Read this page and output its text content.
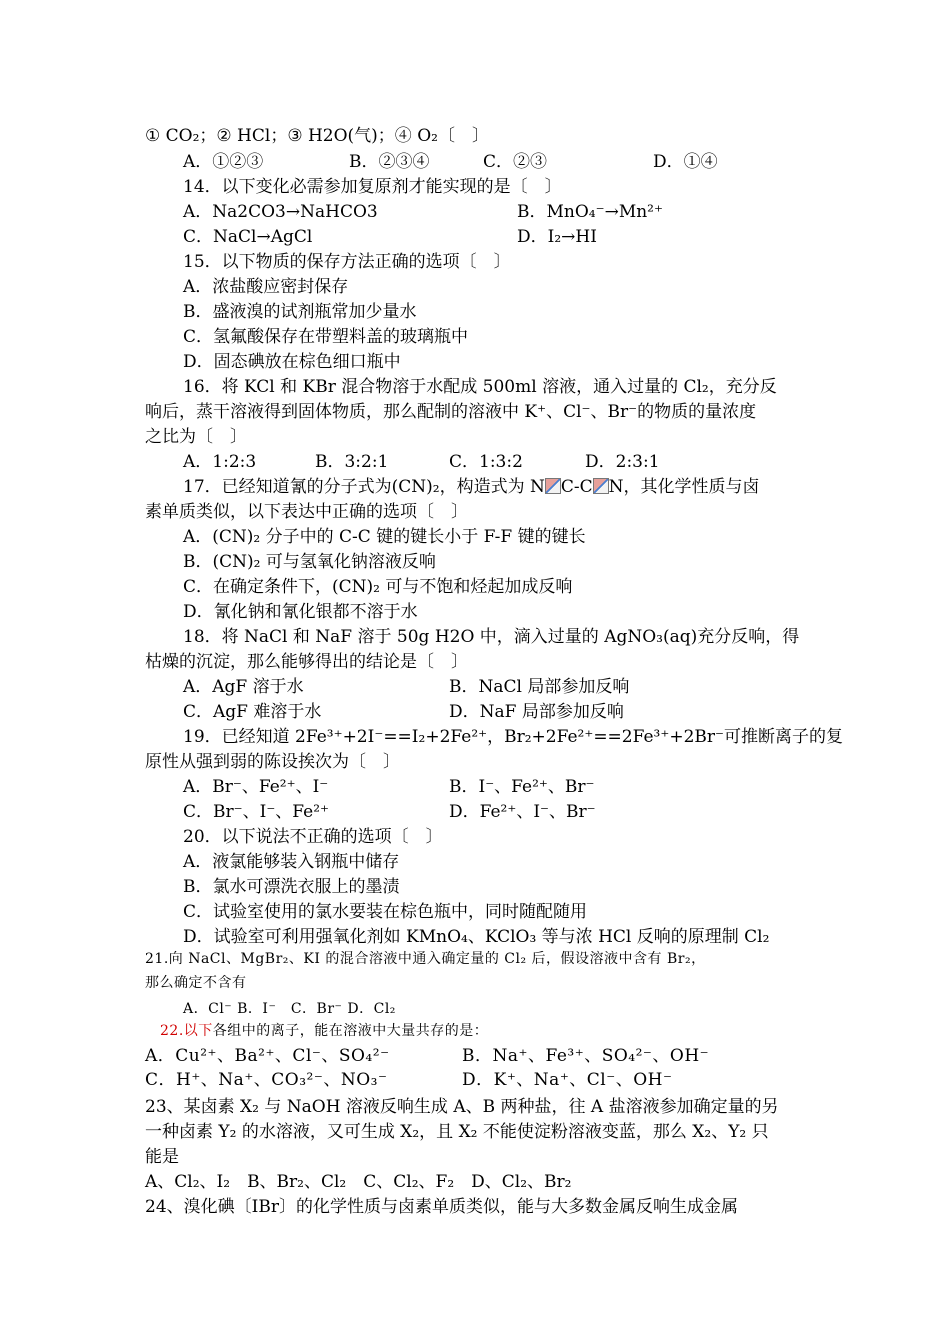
① CO₂；② HCl；③ H2O(气)；④ O₂〔　〕
A．①②③	B．②③④	C．②③	D．①④
14．以下变化必需参加复原剂才能实现的是〔　〕
A．Na2CO3→NaHCO3	B．MnO₄⁻→Mn²⁺
C．NaCl→AgCl	D．I₂→HI
15．以下物质的保存方法正确的选项〔　〕
A．浓盐酸应密封保存
B．盛液溴的试剂瓶常加少量水
C．氢氟酸保存在带塑料盖的玻璃瓶中
D．固态碘放在棕色细口瓶中
16．将 KCl 和 KBr 混合物溶于水配成 500ml 溶液，通入过量的 Cl₂，充分反
响后，蒸干溶液得到固体物质，那么配制的溶液中 K⁺、Cl⁻、Br⁻的物质的量浓度
之比为〔　〕
A．1:2:3	B．3:2:1	C．1:3:2	D．2:3:1
17．已经知道氰的分子式为(CN)₂，构造式为 N C-C N，其化学性质与卤
素单质类似，以下表达中正确的选项〔　〕
A．(CN)₂ 分子中的 C-C 键的键长小于 F-F 键的键长
B．(CN)₂ 可与氢氧化钠溶液反响
C．在确定条件下，(CN)₂ 可与不饱和烃起加成反响
D．氰化钠和氰化银都不溶于水
18．将 NaCl 和 NaF 溶于 50g H2O 中，滴入过量的 AgNO₃(aq)充分反响，得
枯燥的沉淀，那么能够得出的结论是〔　〕
A．AgF 溶于水	B．NaCl 局部参加反响
C．AgF 难溶于水	D．NaF 局部参加反响
19．已经知道 2Fe³⁺+2I⁻==I₂+2Fe²⁺，Br₂+2Fe²⁺==2Fe³⁺+2Br⁻可推断离子的复
原性从强到弱的陈设挨次为〔　〕
A．Br⁻、Fe²⁺、I⁻	B．I⁻、Fe²⁺、Br⁻
C．Br⁻、I⁻、Fe²⁺	D．Fe²⁺、I⁻、Br⁻
20．以下说法不正确的选项〔　〕
A．液氯能够装入钢瓶中储存
B．氯水可漂洗衣服上的墨渍
C．试验室使用的氯水要装在棕色瓶中，同时随配随用
D．试验室可利用强氧化剂如 KMnO₄、KClO₃ 等与浓 HCl 反响的原理制 Cl₂
21.向 NaCl、MgBr₂、KI 的混合溶液中通入确定量的 Cl₂ 后，假设溶液中含有 Br₂，
那么确定不含有
A．Cl⁻ B．I⁻　C．Br⁻ D．Cl₂
22.以下各组中的离子，能在溶液中大量共存的是：
A．Cu²⁺、Ba²⁺、Cl⁻、SO₄²⁻	B．Na⁺、Fe³⁺、SO₄²⁻、OH⁻
C．H⁺、Na⁺、CO₃²⁻、NO₃⁻	D．K⁺、Na⁺、Cl⁻、OH⁻
23、某卤素 X₂ 与 NaOH 溶液反响生成 A、B 两种盐，往 A 盐溶液参加确定量的另
一种卤素 Y₂ 的水溶液，又可生成 X₂，且 X₂ 不能使淀粉溶液变蓝，那么 X₂、Y₂ 只
能是
A、Cl₂、I₂　B、Br₂、Cl₂　C、Cl₂、F₂　D、Cl₂、Br₂
24、溴化碘〔IBr〕的化学性质与卤素单质类似，能与大多数金属反响生成金属
